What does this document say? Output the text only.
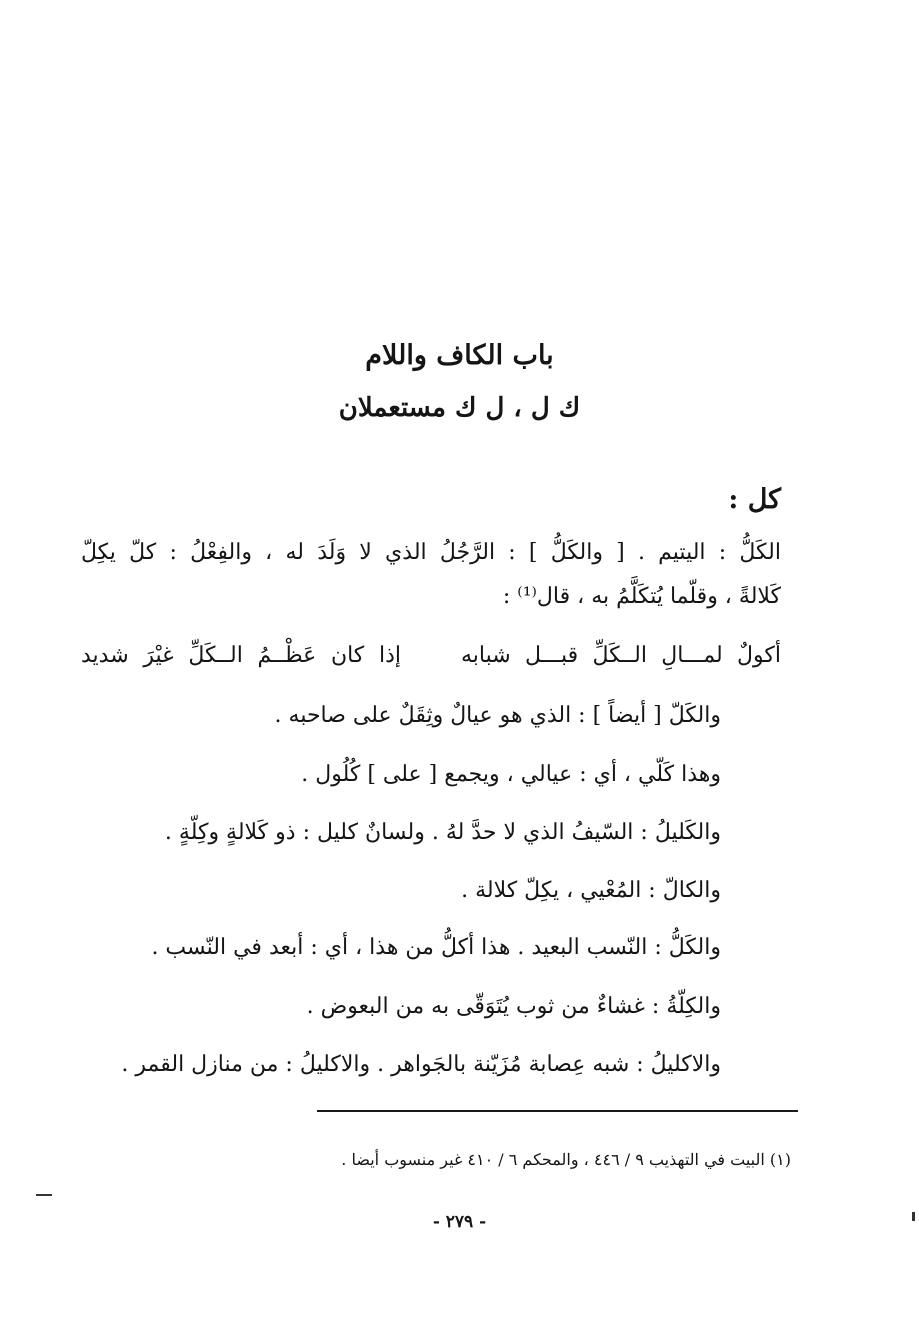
باب الكاف واللام
ك ل ، ل ك مستعملان
كل :
الكَلُّ : اليتيم . [ والكَلُّ ] : الرَّجُلُ الذي لا وَلَدَ له ، والفِعْلُ : كلّ يكِلّ
كَلالةً ، وقلّما يُتكَلَّمُ به ، قال⁽¹⁾ :
أكولٌ لمـــالِ الــكَلِّ قبـــل شبابه
إذا كان عَظْــمُ الــكَلِّ غيْرَ شديد
والكَلّ [ أيضاً ] : الذي هو عيالٌ وثِقَلٌ على صاحبه .
وهذا كَلّي ، أي : عيالي ، ويجمع [ على ] كُلُول .
والكَليلُ : السّيفُ الذي لا حدَّ لهُ . ولسانٌ كليل : ذو كَلالةٍ وكِلّةٍ .
والكالّ : المُعْيي ، يكِلّ كلالة .
والكَلُّ : النّسب البعيد . هذا أكلُّ من هذا ، أي : أبعد في النّسب .
والكِلّةُ : غشاءٌ من ثوب يُتَوَقّى به من البعوض .
والاكليلُ : شبه عِصابة مُزَيّنة بالجَواهر . والاكليلُ : من منازل القمر .
(١) البيت في التهذيب ٩ / ٤٤٦ ، والمحكم ٦ / ٤١٠ غير منسوب أيضا .
- ٢٧٩ -
